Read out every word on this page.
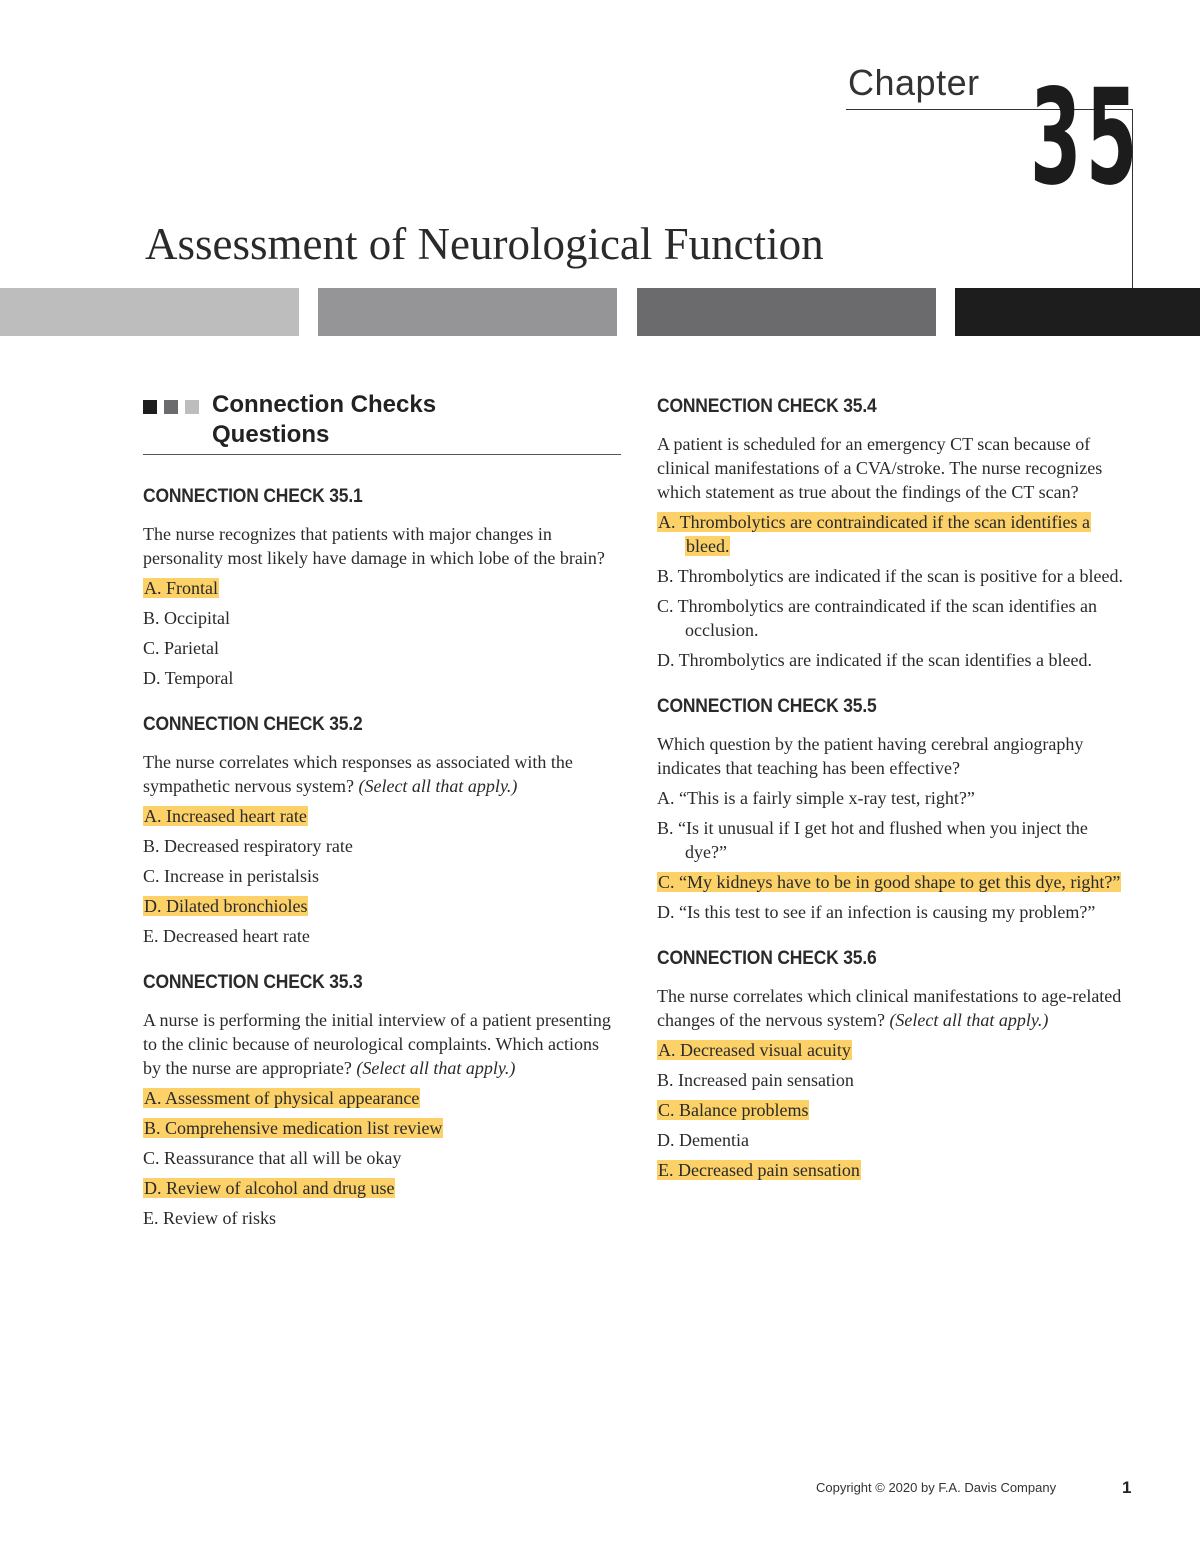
Chapter 35
Assessment of Neurological Function
Connection Checks Questions
CONNECTION CHECK 35.1
The nurse recognizes that patients with major changes in personality most likely have damage in which lobe of the brain?
A. Frontal
B. Occipital
C. Parietal
D. Temporal
CONNECTION CHECK 35.2
The nurse correlates which responses as associated with the sympathetic nervous system? (Select all that apply.)
A. Increased heart rate
B. Decreased respiratory rate
C. Increase in peristalsis
D. Dilated bronchioles
E. Decreased heart rate
CONNECTION CHECK 35.3
A nurse is performing the initial interview of a patient presenting to the clinic because of neurological complaints. Which actions by the nurse are appropriate? (Select all that apply.)
A. Assessment of physical appearance
B. Comprehensive medication list review
C. Reassurance that all will be okay
D. Review of alcohol and drug use
E. Review of risks
CONNECTION CHECK 35.4
A patient is scheduled for an emergency CT scan because of clinical manifestations of a CVA/stroke. The nurse recognizes which statement as true about the findings of the CT scan?
A. Thrombolytics are contraindicated if the scan identifies a bleed.
B. Thrombolytics are indicated if the scan is positive for a bleed.
C. Thrombolytics are contraindicated if the scan identifies an occlusion.
D. Thrombolytics are indicated if the scan identifies a bleed.
CONNECTION CHECK 35.5
Which question by the patient having cerebral angiography indicates that teaching has been effective?
A. “This is a fairly simple x-ray test, right?”
B. “Is it unusual if I get hot and flushed when you inject the dye?”
C. “My kidneys have to be in good shape to get this dye, right?”
D. “Is this test to see if an infection is causing my problem?”
CONNECTION CHECK 35.6
The nurse correlates which clinical manifestations to age-related changes of the nervous system? (Select all that apply.)
A. Decreased visual acuity
B. Increased pain sensation
C. Balance problems
D. Dementia
E. Decreased pain sensation
Copyright © 2020 by F.A. Davis Company	1
